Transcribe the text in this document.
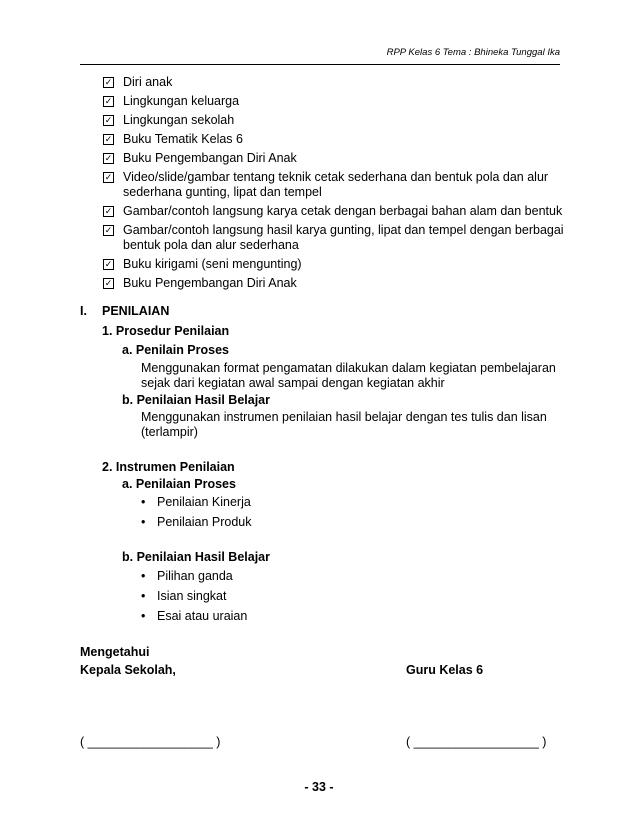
RPP Kelas 6 Tema : Bhineka Tunggal Ika
✓ Diri anak
✓ Lingkungan keluarga
✓ Lingkungan sekolah
✓ Buku Tematik Kelas 6
✓ Buku Pengembangan Diri Anak
✓ Video/slide/gambar tentang teknik cetak sederhana dan bentuk pola dan alur sederhana gunting, lipat dan tempel
✓ Gambar/contoh langsung karya cetak dengan berbagai bahan alam dan bentuk
✓ Gambar/contoh langsung hasil karya gunting, lipat dan tempel dengan berbagai bentuk pola dan alur sederhana
✓ Buku kirigami (seni mengunting)
✓ Buku Pengembangan Diri Anak
I. PENILAIAN
1. Prosedur Penilaian
a. Penilain Proses
Menggunakan format pengamatan dilakukan dalam kegiatan pembelajaran sejak dari kegiatan awal sampai dengan kegiatan akhir
b. Penilaian Hasil Belajar
Menggunakan instrumen penilaian hasil belajar dengan tes tulis dan lisan (terlampir)
2. Instrumen Penilaian
a. Penilaian Proses
• Penilaian Kinerja
• Penilaian Produk
b. Penilaian Hasil Belajar
• Pilihan ganda
• Isian singkat
• Esai atau uraian
Mengetahui
Kepala Sekolah,	Guru Kelas 6
( __________________ )	( __________________ )
- 33 -
